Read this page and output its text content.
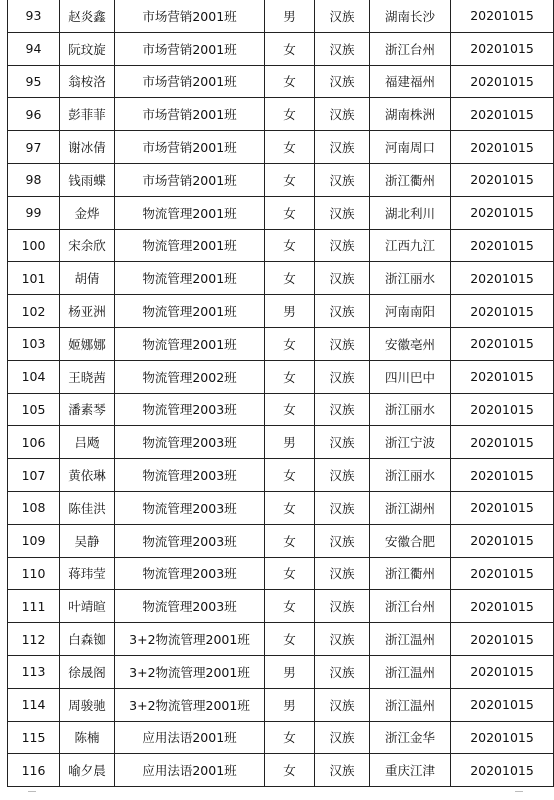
93	赵炎鑫	市场营销2001班	男	汉族	湖南长沙	20201015
94	阮玟旋	市场营销2001班	女	汉族	浙江台州	20201015
95	翁桉洛	市场营销2001班	女	汉族	福建福州	20201015
96	彭菲菲	市场营销2001班	女	汉族	湖南株洲	20201015
97	谢冰倩	市场营销2001班	女	汉族	河南周口	20201015
98	钱雨蝶	市场营销2001班	女	汉族	浙江衢州	20201015
99	金烨	物流管理2001班	女	汉族	湖北利川	20201015
100	宋余欣	物流管理2001班	女	汉族	江西九江	20201015
101	胡倩	物流管理2001班	女	汉族	浙江丽水	20201015
102	杨亚洲	物流管理2001班	男	汉族	河南南阳	20201015
103	姬娜娜	物流管理2001班	女	汉族	安徽亳州	20201015
104	王晓茜	物流管理2002班	女	汉族	四川巴中	20201015
105	潘素琴	物流管理2003班	女	汉族	浙江丽水	20201015
106	吕飏	物流管理2003班	男	汉族	浙江宁波	20201015
107	黄依琳	物流管理2003班	女	汉族	浙江丽水	20201015
108	陈佳洪	物流管理2003班	女	汉族	浙江湖州	20201015
109	吴静	物流管理2003班	女	汉族	安徽合肥	20201015
110	蒋玮莹	物流管理2003班	女	汉族	浙江衢州	20201015
111	叶靖暄	物流管理2003班	女	汉族	浙江台州	20201015
112	白森铷	3+2物流管理2001班	女	汉族	浙江温州	20201015
113	徐晟阁	3+2物流管理2001班	男	汉族	浙江温州	20201015
114	周骏驰	3+2物流管理2001班	男	汉族	浙江温州	20201015
115	陈楠	应用法语2001班	女	汉族	浙江金华	20201015
116	喻夕晨	应用法语2001班	女	汉族	重庆江津	20201015
